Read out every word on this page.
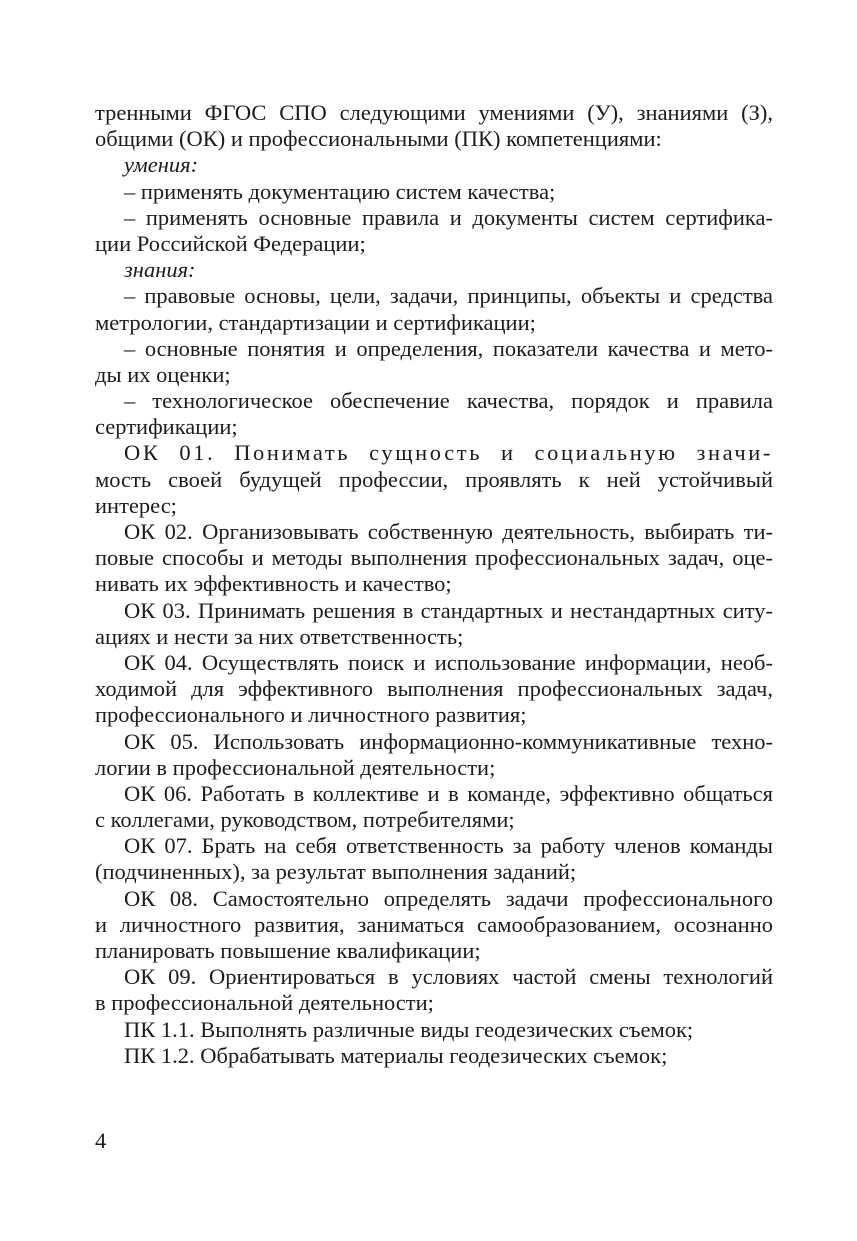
тренными ФГОС СПО следующими умениями (У), знаниями (З),
общими (ОК) и профессиональными (ПК) компетенциями:
умения:
– применять документацию систем качества;
– применять основные правила и документы систем сертифика-
ции Российской Федерации;
знания:
– правовые основы, цели, задачи, принципы, объекты и средства
метрологии, стандартизации и сертификации;
– основные понятия и определения, показатели качества и мето-
ды их оценки;
– технологическое обеспечение качества, порядок и правила
сертификации;
ОК 01. Понимать сущность и социальную значи-
мость своей будущей профессии, проявлять к ней устойчивый
интерес;
ОК 02. Организовывать собственную деятельность, выбирать ти-
повые способы и методы выполнения профессиональных задач, оце-
нивать их эффективность и качество;
ОК 03. Принимать решения в стандартных и нестандартных ситу-
ациях и нести за них ответственность;
ОК 04. Осуществлять поиск и использование информации, необ-
ходимой для эффективного выполнения профессиональных задач,
профессионального и личностного развития;
ОК 05. Использовать информационно-коммуникативные техно-
логии в профессиональной деятельности;
ОК 06. Работать в коллективе и в команде, эффективно общаться
с коллегами, руководством, потребителями;
ОК 07. Брать на себя ответственность за работу членов команды
(подчиненных), за результат выполнения заданий;
ОК 08. Самостоятельно определять задачи профессионального
и личностного развития, заниматься самообразованием, осознанно
планировать повышение квалификации;
ОК 09. Ориентироваться в условиях частой смены технологий
в профессиональной деятельности;
ПК 1.1. Выполнять различные виды геодезических съемок;
ПК 1.2. Обрабатывать материалы геодезических съемок;
4
